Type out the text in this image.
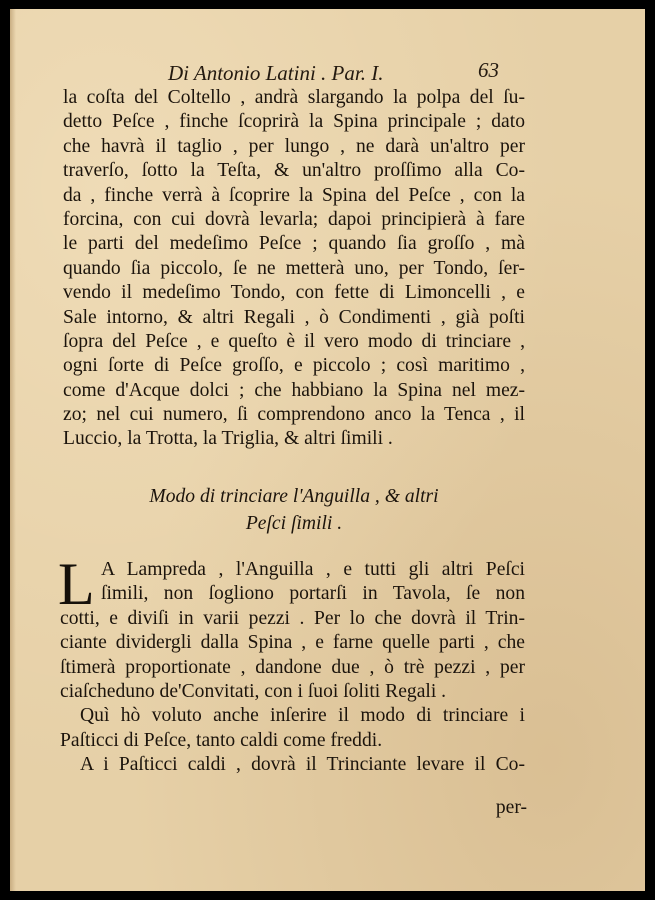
Di Antonio Latini . Par. I.	63
la coſta del Coltello , andrà slargando la polpa del ſu-
detto Peſce , finche ſcoprirà la Spina principale ; dato
che havrà il taglio , per lungo , ne darà un'altro per
traverſo, ſotto la Teſta, & un'altro proſſimo alla Co-
da , finche verrà à ſcoprire la Spina del Peſce , con la
forcina, con cui dovrà levarla; dapoi principierà à fare
le parti del medeſimo Peſce ; quando ſia groſſo , mà
quando ſia piccolo, ſe ne metterà uno, per Tondo, ſer-
vendo il medeſimo Tondo, con fette di Limoncelli , e
Sale intorno, & altri Regali , ò Condimenti , già poſti
ſopra del Peſce , e queſto è il vero modo di trinciare ,
ogni ſorte di Peſce groſſo, e piccolo ; così maritimo ,
come d'Acque dolci ; che habbiano la Spina nel mez-
zo; nel cui numero, ſi comprendono anco la Tenca , il
Luccio, la Trotta, la Triglia, & altri ſimili .
Modo di trinciare l'Anguilla , & altri
Peſci ſimili .
L A Lampreda , l'Anguilla , e tutti gli altri Peſci
ſimili, non ſogliono portarſi in Tavola, ſe non
cotti, e diviſi in varii pezzi . Per lo che dovrà il Trin-
ciante dividergli dalla Spina , e farne quelle parti , che
ſtimerà proportionate , dandone due , ò trè pezzi , per
ciaſcheduno de'Convitati, con i ſuoi ſoliti Regali .
Quì hò voluto anche inſerire il modo di trinciare i
Paſticci di Peſce, tanto caldi come freddi.
A i Paſticci caldi , dovrà il Trinciante levare il Co-
per-
